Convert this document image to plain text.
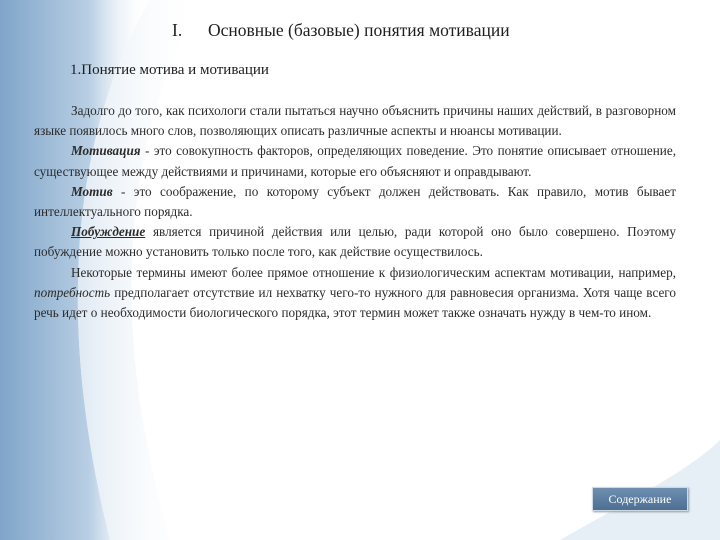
I. Основные (базовые) понятия мотивации
1.Понятие мотива и мотивации

Задолго до того, как психологи стали пытаться научно объяснить причины наших действий, в разговорном языке появилось много слов, позволяющих описать различные аспекты и нюансы мотивации.

Мотивация - это совокупность факторов, определяющих поведение. Это понятие описывает отношение, существующее между действиями и причинами, которые его объясняют и оправдывают.

Мотив - это соображение, по которому субъект должен действовать. Как правило, мотив бывает интеллектуального порядка.

Побуждение является причиной действия или целью, ради которой оно было совершено. Поэтому побуждение можно установить только после того, как действие осуществилось.

Некоторые термины имеют более прямое отношение к физиологическим аспектам мотивации, например, потребность предполагает отсутствие ил нехватку чего-то нужного для равновесия организма. Хотя чаще всего речь идет о необходимости биологического порядка, этот термин может также означать нужду в чем-то ином.

Содержание
